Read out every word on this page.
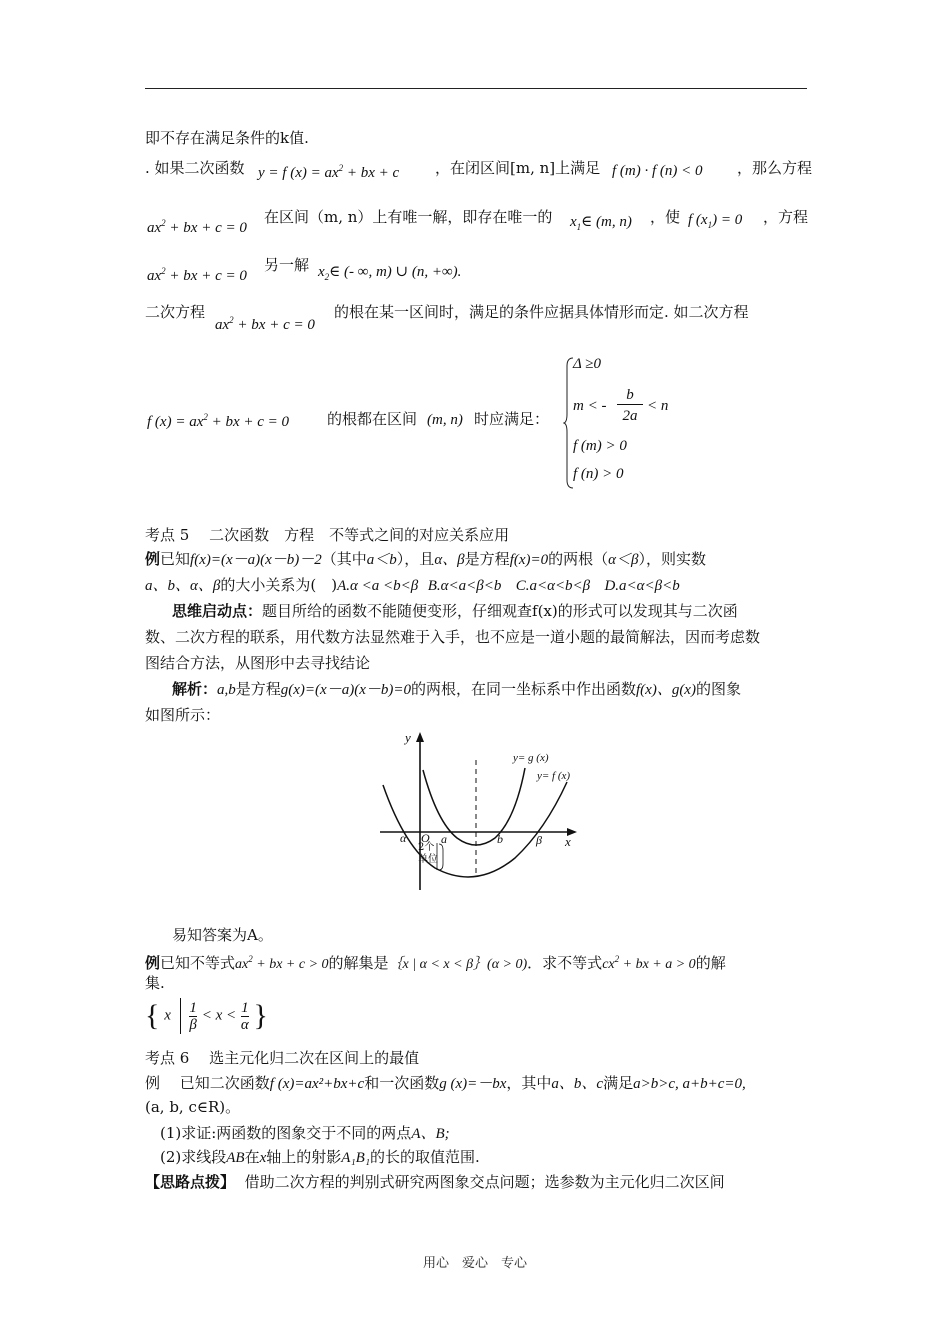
即不存在满足条件的k值.
. 如果二次函数 y = f $(x) = ax^2$ + bx + c ，在闭区间[m, n]上满足 f (m) · f (n) < 0 ，那么方程
$ax^2$ + bx + c = 0
在区间（m, n）上有唯一解，即存在唯一的 $x_1\in$ (m, n) ，使 f $(x_1) = 0$ ，方程
$ax^2$ + bx + c = 0
另一解 $x_2\in$ (- ∞, m) ∪ (n, +∞).
二次方程
$ax^2$ + bx + c = 0
的根在某一区间时，满足的条件应据具体情形而定. 如二次方程
f $(x) = ax^2$ + bx + c = 0	的根都在区间 (m, n) 时应满足：
Δ ≥0
m < -
b
2a
< n
f (m) > 0
f (n) > 0
考点 5　 二次函数　方程　不等式之间的对应关系应用
例已知f(x)=(x－a)(x－b)－2（其中a＜b），且α、β是方程f(x)=0的两根（α＜β），则实数
a、b、α、β的大小关系为(　)A.α <a <b<β B.α<a<β<b C.a<α<b<β D.a<α<β<b
思维启动点：题目所给的函数不能随便变形，仔细观查f(x)的形式可以发现其与二次函
数、二次方程的联系，用代数方法显然难于入手，也不应是一道小题的最简解法，因而考虑数
图结合方法，从图形中去寻找结论
解析：a,b是方程g(x)=(x－a)(x－b)=0的两根，在同一坐标系中作出函数f(x)、g(x)的图象
如图所示：
y
x
O
α	β
a	b
y= g (x)
y= f (x)
2个
单位
易知答案为A。
例已知不等式$ax^2$ + bx + c > 0的解集是｛x | α < x < β｝(α > 0)．求不等式$cx^2$ + bx + a > 0的解
集.
{ x $\frac{1}{\beta} < x < \frac{1}{\alpha}$ }
考点 6　 选主元化归二次在区间上的最值
例　 已知二次函数f (x)=ax²+bx+c和一次函数g (x)=－bx，其中a、b、c满足a>b>c, a+b+c=0,
(a, b, c∈R)。
(1)求证:两函数的图象交于不同的两点A、B;
(2)求线段AB在x轴上的射影A₁B₁的长的取值范围.
【思路点拨】 借助二次方程的判别式研究两图象交点问题；选参数为主元化归二次区间
用心　爱心　专心
